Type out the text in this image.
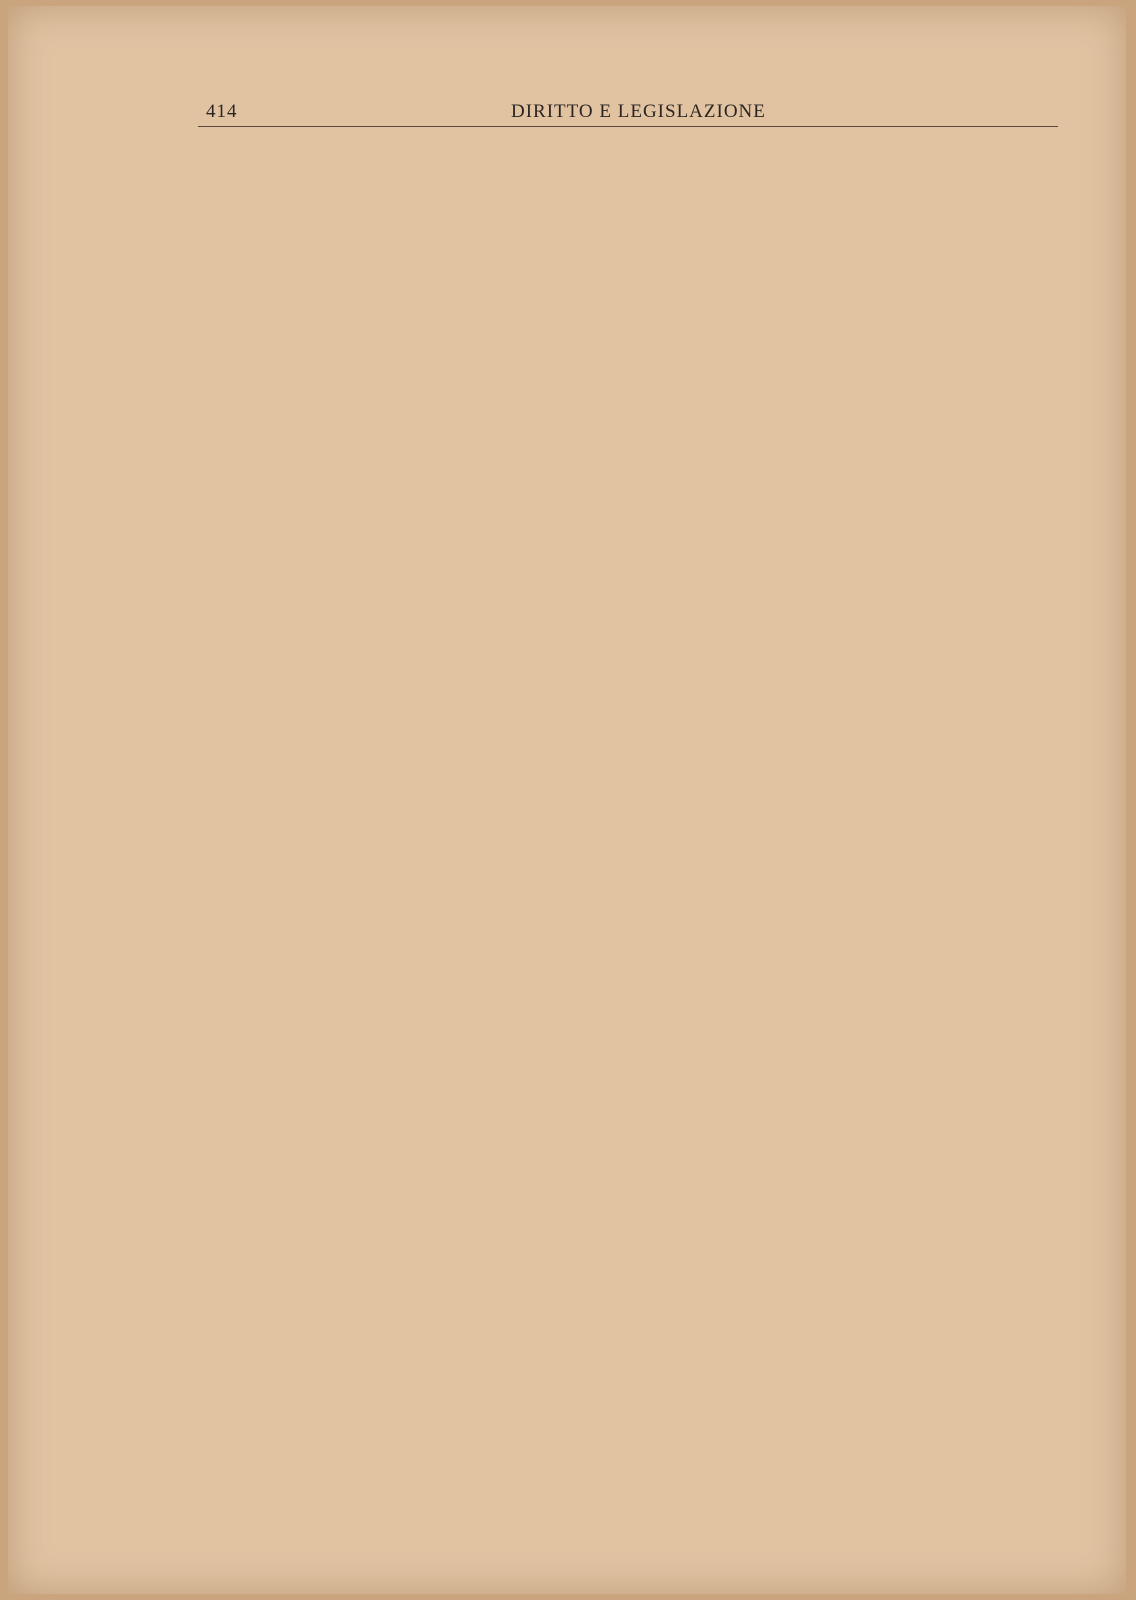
414	DIRITTO E LEGISLAZIONE
